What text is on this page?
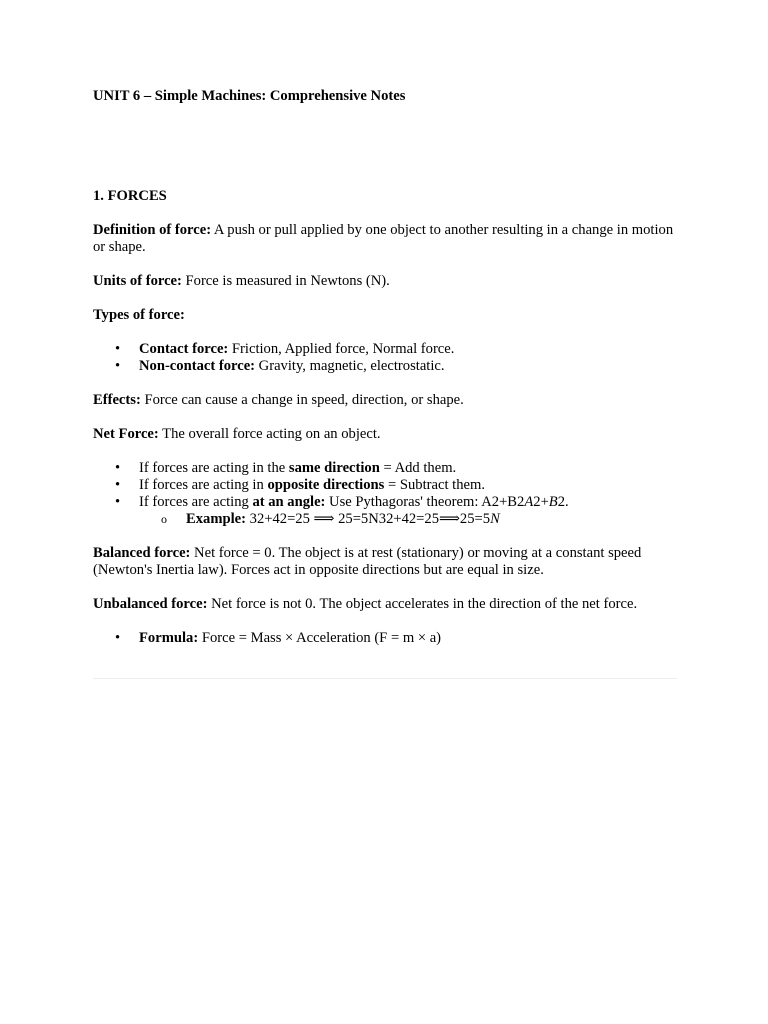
UNIT 6 – Simple Machines: Comprehensive Notes

1. FORCES

Definition of force: A push or pull applied by one object to another resulting in a change in motion or shape.

Units of force: Force is measured in Newtons (N).

Types of force:

• Contact force: Friction, Applied force, Normal force.
• Non-contact force: Gravity, magnetic, electrostatic.

Effects: Force can cause a change in speed, direction, or shape.

Net Force: The overall force acting on an object.

• If forces are acting in the same direction = Add them.
• If forces are acting in opposite directions = Subtract them.
• If forces are acting at an angle: Use Pythagoras' theorem: A2+B2A2+B2.
o Example: 32+42=25 ⟹ 25=5N32+42=25⟹25=5N

Balanced force: Net force = 0. The object is at rest (stationary) or moving at a constant speed (Newton's Inertia law). Forces act in opposite directions but are equal in size.

Unbalanced force: Net force is not 0. The object accelerates in the direction of the net force.

• Formula: Force = Mass × Acceleration (F = m × a)
